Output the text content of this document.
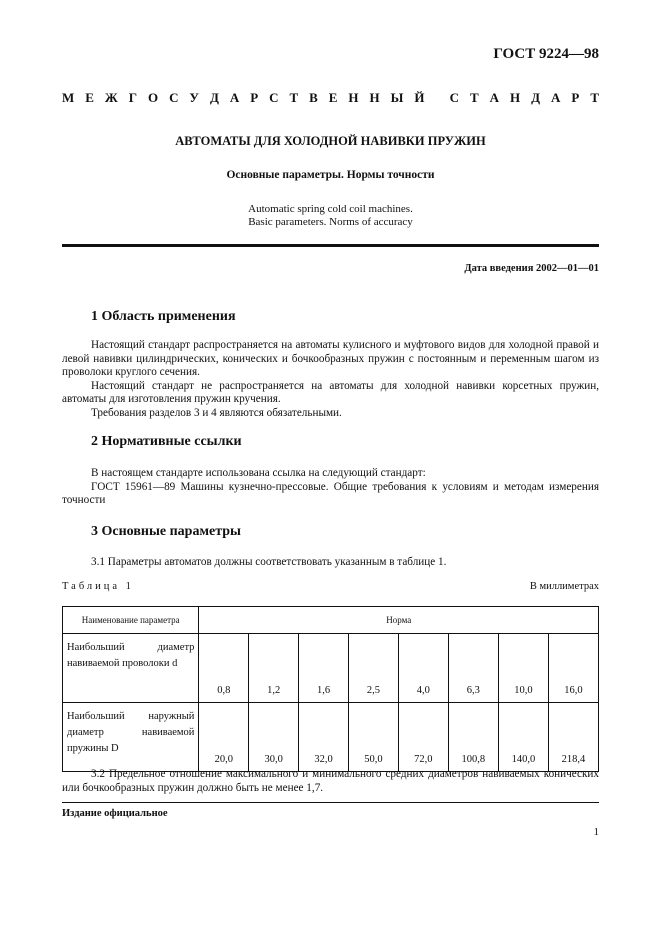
ГОСТ 9224—98
М Е Ж Г О С У Д А Р С Т В Е Н Н Ы Й
С Т А Н Д А Р Т
АВТОМАТЫ ДЛЯ ХОЛОДНОЙ НАВИВКИ ПРУЖИН
Основные параметры. Нормы точности
Automatic spring cold coil machines.
Basic parameters. Norms of accuracy
Дата введения 2002—01—01
1 Область применения
Настоящий стандарт распространяется на автоматы кулисного и муфтового видов для холодной правой и левой навивки цилиндрических, конических и бочкообразных пружин с постоянным и переменным шагом из проволоки круглого сечения.
Настоящий стандарт не распространяется на автоматы для холодной навивки корсетных пружин, автоматы для изготовления пружин кручения.
Требования разделов 3 и 4 являются обязательными.
2 Нормативные ссылки
В настоящем стандарте использована ссылка на следующий стандарт:
ГОСТ 15961—89 Машины кузнечно-прессовые. Общие требования к условиям и методам измерения точности
3 Основные параметры
3.1 Параметры автоматов должны соответствовать указанным в таблице 1.
Таблица 1	В миллиметрах
Наименование параметра	Норма							
Наибольший диаметр навиваемой проволоки d	0,8	1,2	1,6	2,5	4,0	6,3	10,0	16,0
Наибольший наружный диаметр навиваемой пружины D	20,0	30,0	32,0	50,0	72,0	100,8	140,0	218,4
3.2 Предельное отношение максимального и минимального средних диаметров навиваемых конических или бочкообразных пружин должно быть не менее 1,7.
Издание официальное
1
